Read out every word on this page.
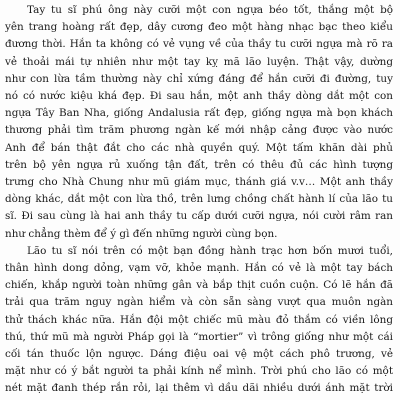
Tay tu sĩ phú ông này cưỡi một con ngựa béo tốt, thắng một bộ
yên trang hoàng rất đẹp, dây cương đeo một hàng nhạc bạc theo kiểu
đương thời. Hắn ta không có vẻ vụng về của thầy tu cưỡi ngựa mà rõ ra
vẻ thoải mái tự nhiên như một tay kỵ mã lão luyện. Thật vậy, dường
như con lừa tầm thường này chỉ xứng đáng để hắn cưỡi đi đường, tuy
nó có nước kiệu khá đẹp. Đi sau hắn, một anh thầy dòng dắt một con
ngựa Tây Ban Nha, giống Andalusia rất đẹp, giống ngựa mà bọn khách
thương phải tìm trăm phương ngàn kế mới nhập cảng được vào nước
Anh để bán thật đắt cho các nhà quyền quý. Một tấm khăn dài phủ
trên bộ yên ngựa rủ xuống tận đất, trên có thêu đủ các hình tượng
trưng cho Nhà Chung như mũ giám mục, thánh giá v.v… Một anh thầy
dòng khác, dắt một con lừa thồ, trên lưng chồng chất hành lí của lão tu
sĩ. Đi sau cùng là hai anh thầy tu cấp dưới cưỡi ngựa, nói cười râm ran
như chẳng thèm để ý gì đến những người cùng bọn.
Lão tu sĩ nói trên có một bạn đồng hành trạc hơn bốn mươi tuổi,
thân hình dong dỏng, vạm vỡ, khỏe mạnh. Hắn có vẻ là một tay bách
chiến, khắp người toàn những gân và bắp thịt cuồn cuộn. Có lẽ hắn đã
trải qua trăm nguy ngàn hiểm và còn sẵn sàng vượt qua muôn ngàn
thử thách khác nữa. Hắn đội một chiếc mũ màu đỏ thắm có viền lông
thú, thứ mũ mà người Pháp gọi là “mortier” vì trông giống như một cái
cối tán thuốc lộn ngược. Dáng điệu oai vệ một cách phô trương, vẻ
mặt như có ý bắt người ta phải kính nể mình. Trời phú cho lão có một
nét mặt đanh thép rắn rỏi, lại thêm vì dầu dãi nhiều dưới ánh mặt trời
